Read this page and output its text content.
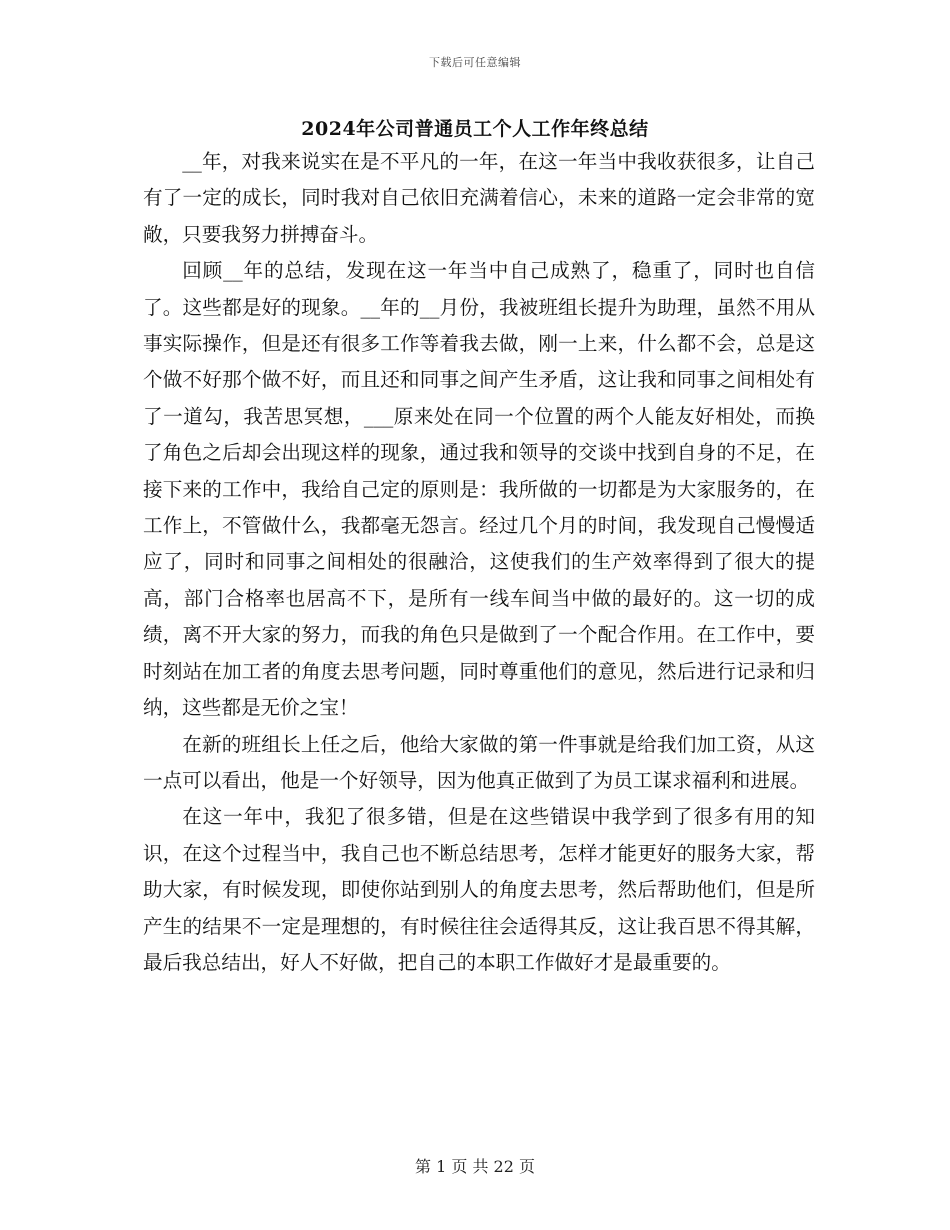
下载后可任意编辑
2024年公司普通员工个人工作年终总结

__年，对我来说实在是不平凡的一年，在这一年当中我收获很多，让自己有了一定的成长，同时我对自己依旧充满着信心，未来的道路一定会非常的宽敞，只要我努力拼搏奋斗。

回顾__年的总结，发现在这一年当中自己成熟了，稳重了，同时也自信了。这些都是好的现象。__年的__月份，我被班组长提升为助理，虽然不用从事实际操作，但是还有很多工作等着我去做，刚一上来，什么都不会，总是这个做不好那个做不好，而且还和同事之间产生矛盾，这让我和同事之间相处有了一道勾，我苦思冥想，___原来处在同一个位置的两个人能友好相处，而换了角色之后却会出现这样的现象，通过我和领导的交谈中找到自身的不足，在接下来的工作中，我给自己定的原则是：我所做的一切都是为大家服务的，在工作上，不管做什么，我都毫无怨言。经过几个月的时间，我发现自己慢慢适应了，同时和同事之间相处的很融洽，这使我们的生产效率得到了很大的提高，部门合格率也居高不下，是所有一线车间当中做的最好的。这一切的成绩，离不开大家的努力，而我的角色只是做到了一个配合作用。在工作中，要时刻站在加工者的角度去思考问题，同时尊重他们的意见，然后进行记录和归纳，这些都是无价之宝！

在新的班组长上任之后，他给大家做的第一件事就是给我们加工资，从这一点可以看出，他是一个好领导，因为他真正做到了为员工谋求福利和进展。

在这一年中，我犯了很多错，但是在这些错误中我学到了很多有用的知识，在这个过程当中，我自己也不断总结思考，怎样才能更好的服务大家，帮助大家，有时候发现，即使你站到别人的角度去思考，然后帮助他们，但是所产生的结果不一定是理想的，有时候往往会适得其反，这让我百思不得其解，最后我总结出，好人不好做，把自己的本职工作做好才是最重要的。

第 1 页 共 22 页
